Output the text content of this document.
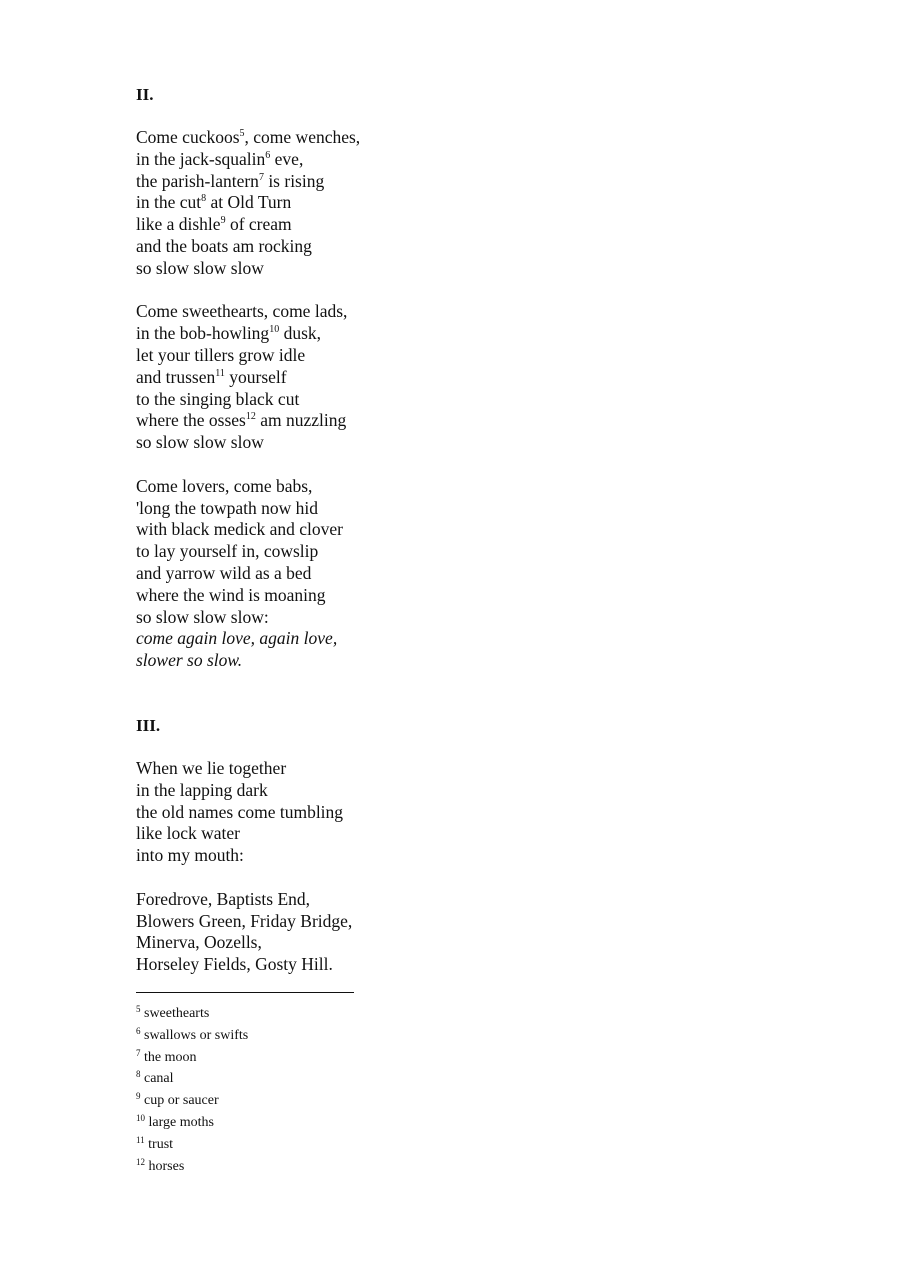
II.
Come cuckoos$^5$, come wenches,
in the jack-squalin$^6$ eve,
the parish-lantern$^7$ is rising
in the cut$^8$ at Old Turn
like a dishle$^9$ of cream
and the boats am rocking
so slow slow slow
Come sweethearts, come lads,
in the bob-howling$^{10}$ dusk,
let your tillers grow idle
and trussen$^{11}$ yourself
to the singing black cut
where the osses$^{12}$ am nuzzling
so slow slow slow
Come lovers, come babs,
'long the towpath now hid
with black medick and clover
to lay yourself in, cowslip
and yarrow wild as a bed
where the wind is moaning
so slow slow slow:
come again love, again love,
slower so slow.
III.
When we lie together
in the lapping dark
the old names come tumbling
like lock water
into my mouth:
Foredrove, Baptists End,
Blowers Green, Friday Bridge,
Minerva, Oozells,
Horseley Fields, Gosty Hill.
$^5$ sweethearts
$^6$ swallows or swifts
$^7$ the moon
$^8$ canal
$^9$ cup or saucer
$^{10}$ large moths
$^{11}$ trust
$^{12}$ horses
